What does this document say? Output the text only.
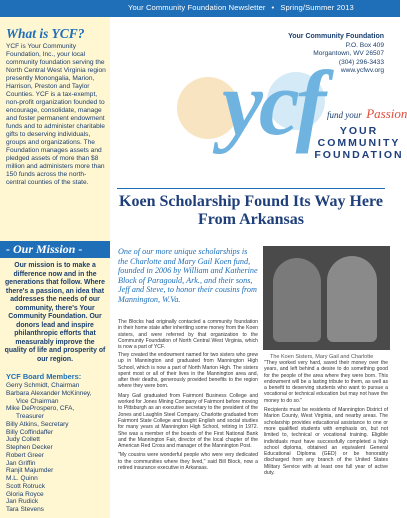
Your Community Foundation Newsletter • Spring/Summer 2013
What is YCF?

YCF is Your Community Foundation, Inc., your local community foundation serving the North Central West Virginia region presently Monongalia, Marion, Harrison, Preston and Taylor Counties. YCF is a tax-exempt, non-profit organization founded to encourage, consolidate, manage and foster permanent endowment funds and to administer charitable gifts to deserving individuals, groups and organizations. The Foundation manages assets and pledged assets of more than $8 million and administers more than 150 funds across the north-central counties of the state.

- Our Mission -

Our mission is to make a difference now and in the generations that follow. Where there's a passion, an idea that addresses the needs of our community, there's Your Community Foundation. Our donors lead and inspire philanthropic efforts that measurably improve the quality of life and prosperity of our region.

YCF Board Members:
Gerry Schmidt, Chairman
Barbara Alexander McKinney,
Vice Chairman
Mike DeProspero, CFA,
Treasurer
Billy Atkins, Secretary
Billy Coffindaffer
Judy Collett
Stephen Decker
Robert Greer
Jan Griffin
Ranjit Majumder
M.L. Quinn
Scott Rotruck
Gloria Royce
Jan Rudick
Tara Stevens
Your Community Foundation
P.O. Box 409
Morgantown, WV 26507
(304) 296-3433
www.ycfwv.org
ycf fund your Passion
YOUR
COMMUNITY
FOUNDATION
Koen Scholarship Found Its Way Here From Arkansas

One of our more unique scholarships is the Charlotte and Mary Gail Koen fund, founded in 2006 by William and Katherine Block of Paragould, Ark., and their sons, Jeff and Steve, to honor their cousins from Mannington, W.Va.

The Blocks had originally contacted a community foundation in their home state after inheriting some money from the Koen sisters, and were referred by that organization to the Community Foundation of North Central West Virginia, which is now a part of YCF.

They created the endowment named for two sisters who grew up in Mannington and graduated from Mannington High School, which is now a part of North Marion High. The sisters spent most or all of their lives in the Mannington area and, after their deaths, generously provided benefits to the region where they were born.

Mary Gail graduated from Fairmont Business College and worked for Jones Mining Company of Fairmont before moving to Pittsburgh as an executive secretary to the president of the Jones and Laughlin Steel Company. Charlotte graduated from Fairmont State College and taught English and social studies for many years at Mannington High School, retiring in 1972. She was a member of the boards of the First National Bank and the Mannington Fair, director of the local chapter of the American Red Cross and manager of the Mannington Post.

"My cousins were wonderful people who were very dedicated to the communities where they lived," said Bill Block, now a retired insurance executive in Arkansas.

The Koen Sisters, Mary Gail and Charlotte

"They worked very hard, saved their money over the years, and left behind a desire to do something good for the people of the area where they were born. This endowment will be a lasting tribute to them, as well as a benefit to deserving students who want to pursue a vocational or technical education but may not have the money to do so."

Recipients must be residents of Mannington District of Marion County, West Virginia, and nearby areas. The scholarship provides educational assistance to one or more qualified students with emphasis on, but not limited to, technical or vocational training. Eligible individuals must have successfully completed a high school diploma, obtained an equivalent General Educational Diploma (GED) or be honorably discharged from any branch of the United States Military Service with at least one full year of active duty.
